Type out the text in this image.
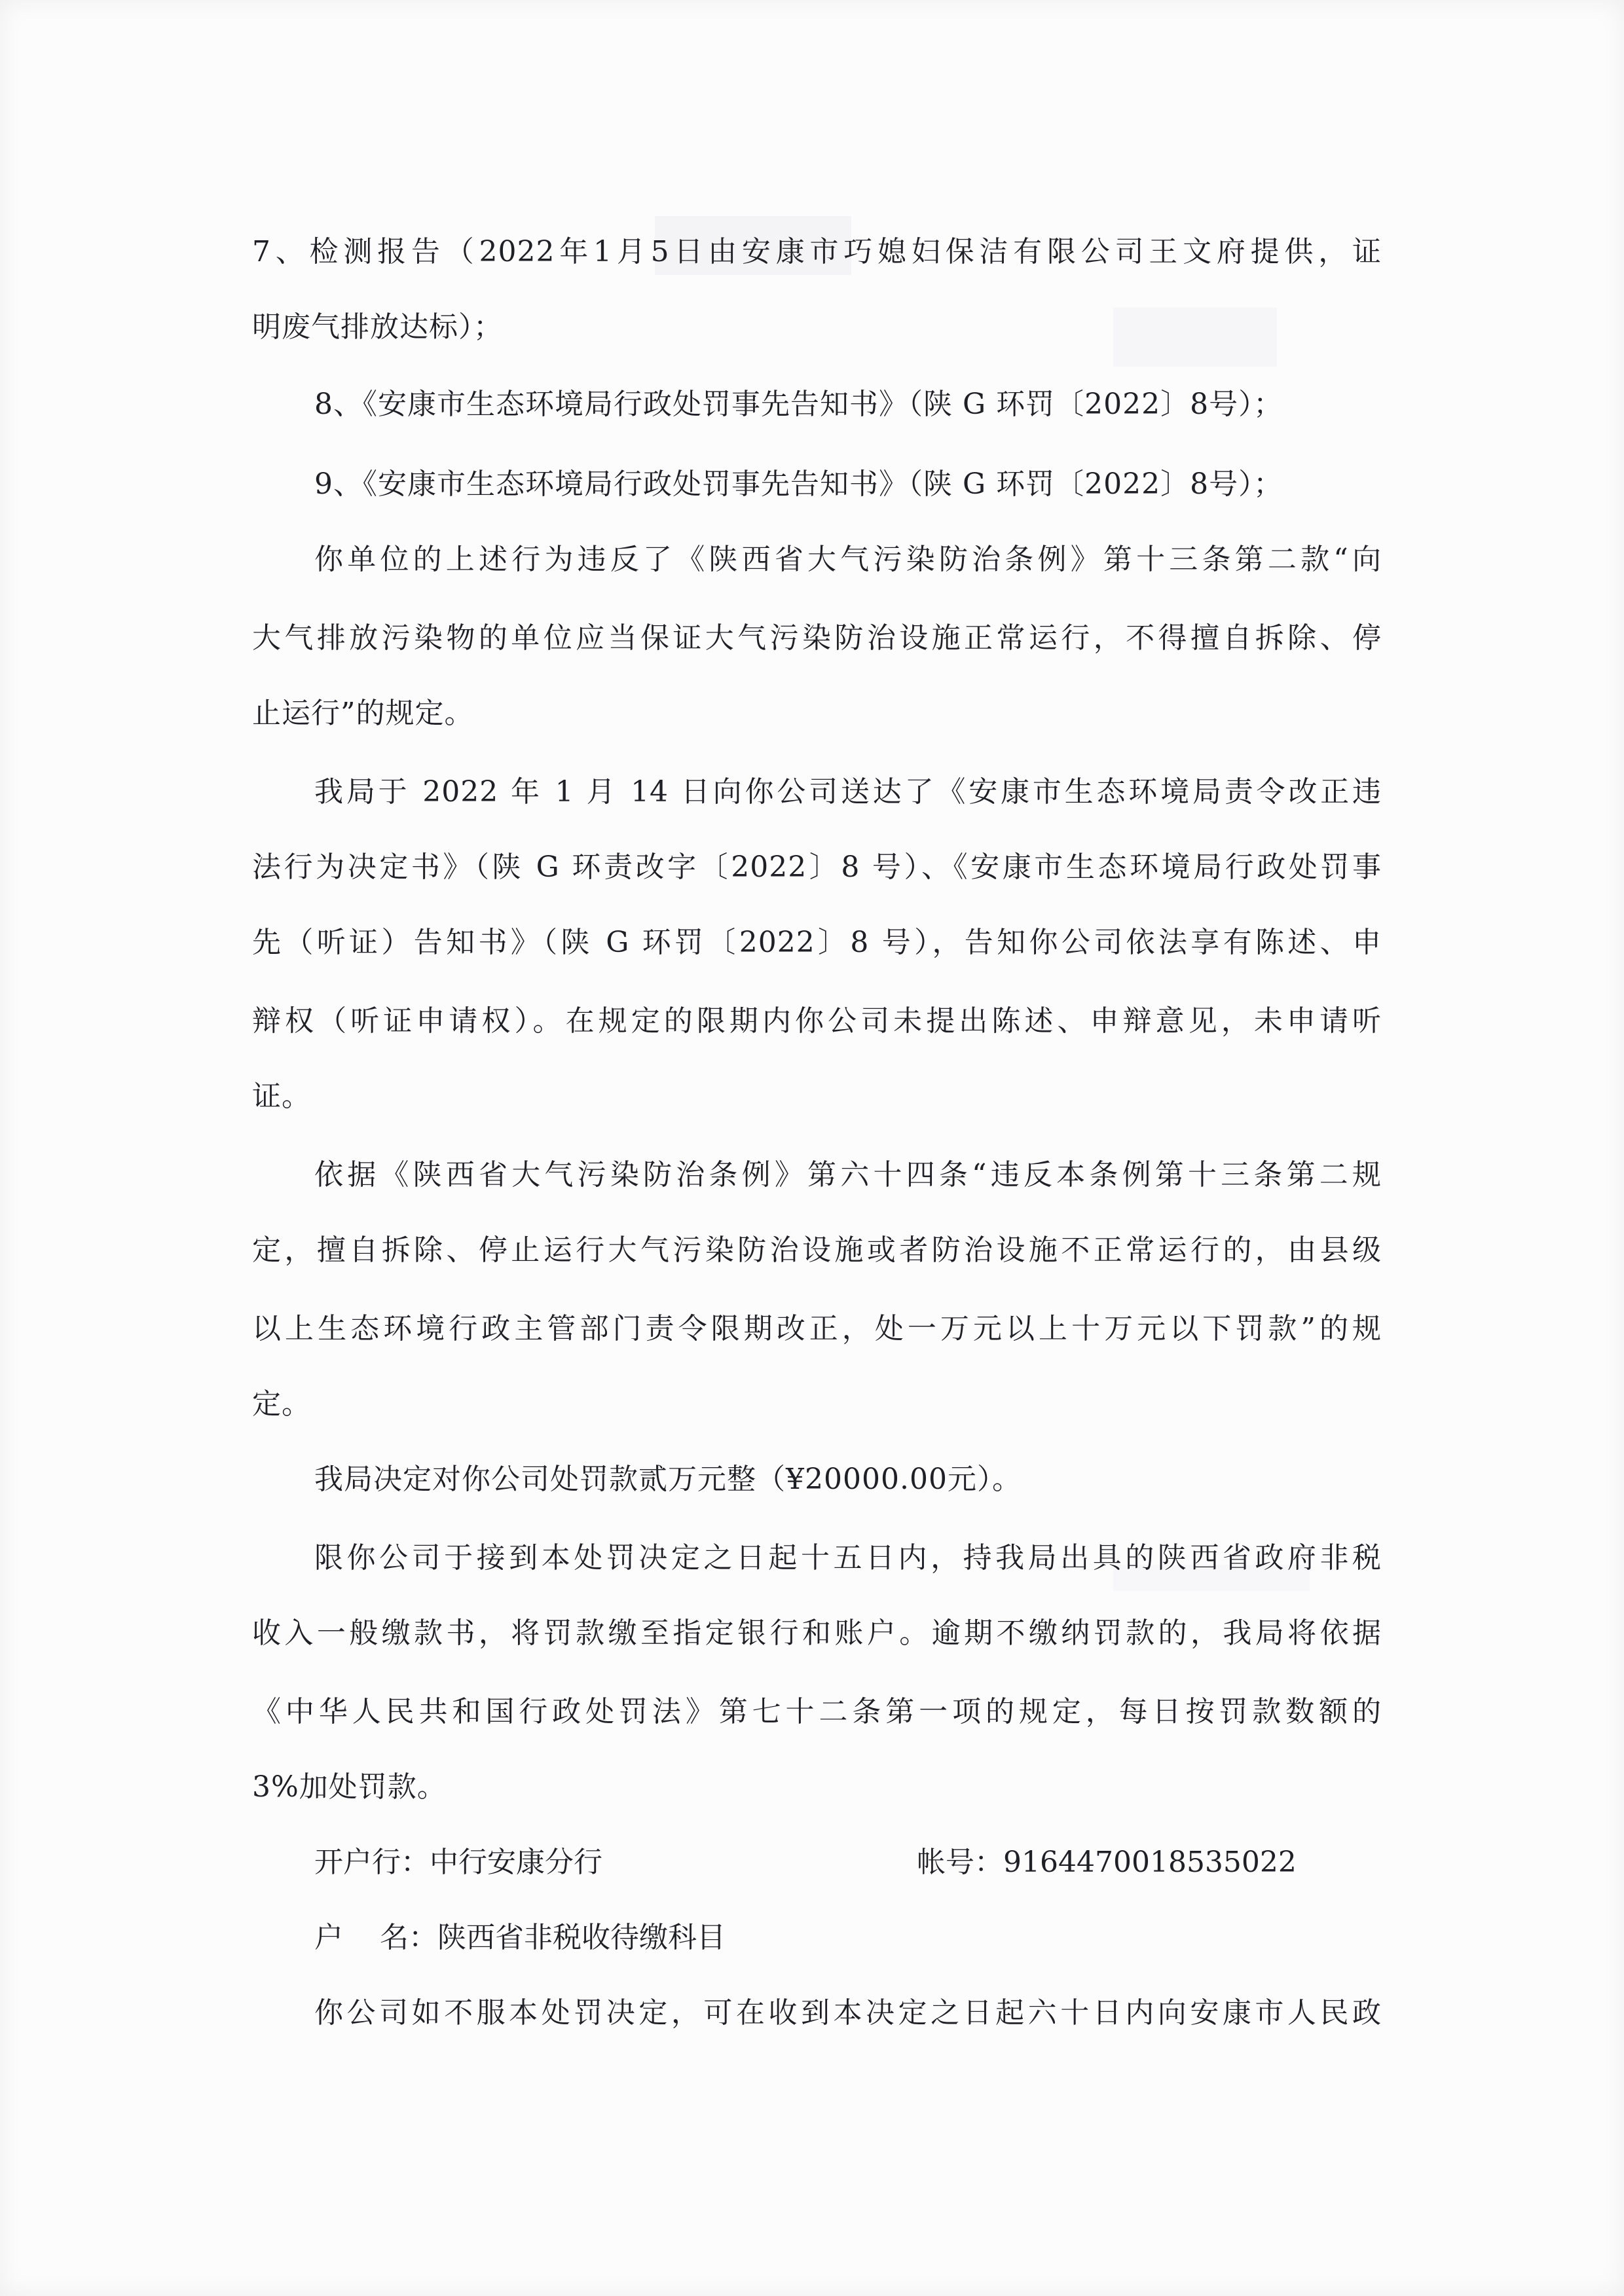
7、检测报告（2022年1月5日由安康市巧媳妇保洁有限公司王文府提供，证
明废气排放达标）；
8、《安康市生态环境局行政处罚事先告知书》（陕 G 环罚〔2022〕8号）；
9、《安康市生态环境局行政处罚事先告知书》（陕 G 环罚〔2022〕8号）；
你单位的上述行为违反了《陕西省大气污染防治条例》第十三条第二款“向
大气排放污染物的单位应当保证大气污染防治设施正常运行，不得擅自拆除、停
止运行”的规定。
我局于 2022 年 1 月 14 日向你公司送达了《安康市生态环境局责令改正违
法行为决定书》（陕 G 环责改字〔2022〕8 号）、《安康市生态环境局行政处罚事
先（听证）告知书》（陕 G 环罚〔2022〕8 号），告知你公司依法享有陈述、申
辩权（听证申请权）。在规定的限期内你公司未提出陈述、申辩意见，未申请听
证。
依据《陕西省大气污染防治条例》第六十四条“违反本条例第十三条第二规
定，擅自拆除、停止运行大气污染防治设施或者防治设施不正常运行的，由县级
以上生态环境行政主管部门责令限期改正，处一万元以上十万元以下罚款”的规
定。
我局决定对你公司处罚款贰万元整（¥20000.00元）。
限你公司于接到本处罚决定之日起十五日内，持我局出具的陕西省政府非税
收入一般缴款书，将罚款缴至指定银行和账户。逾期不缴纳罚款的，我局将依据
《中华人民共和国行政处罚法》第七十二条第一项的规定，每日按罚款数额的
3%加处罚款。
开户行：中行安康分行	帐号：9164470018535022
户    名：陕西省非税收待缴科目
你公司如不服本处罚决定，可在收到本决定之日起六十日内向安康市人民政
